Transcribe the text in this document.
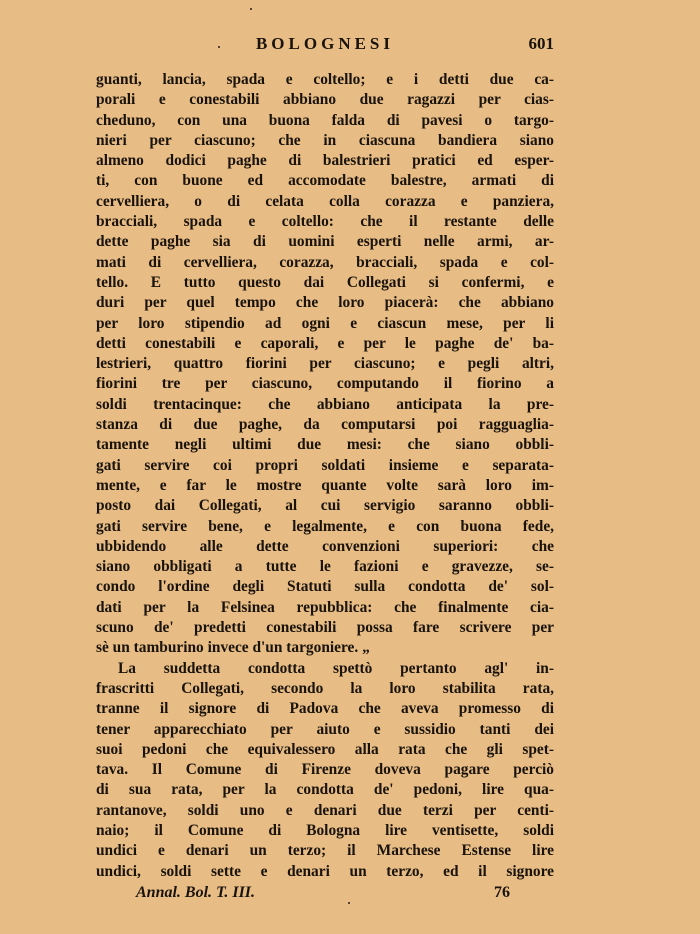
BOLOGNESI	601
guanti, lancia, spada e coltello; e i detti due ca-
porali e conestabili abbiano due ragazzi per cias-
cheduno, con una buona falda di pavesi o targo-
nieri per ciascuno; che in ciascuna bandiera siano
almeno dodici paghe di balestrieri pratici ed esper-
ti, con buone ed accomodate balestre, armati di
cervelliera, o di celata colla corazza e panziera,
bracciali, spada e coltello: che il restante delle
dette paghe sia di uomini esperti nelle armi, ar-
mati di cervelliera, corazza, bracciali, spada e col-
tello. E tutto questo dai Collegati si confermi, e
duri per quel tempo che loro piacerà: che abbiano
per loro stipendio ad ogni e ciascun mese, per li
detti conestabili e caporali, e per le paghe de' ba-
lestrieri, quattro fiorini per ciascuno; e pegli altri,
fiorini tre per ciascuno, computando il fiorino a
soldi trentacinque: che abbiano anticipata la pre-
stanza di due paghe, da computarsi poi ragguaglia-
tamente negli ultimi due mesi: che siano obbli-
gati servire coi propri soldati insieme e separata-
mente, e far le mostre quante volte sarà loro im-
posto dai Collegati, al cui servigio saranno obbli-
gati servire bene, e legalmente, e con buona fede,
ubbidendo alle dette convenzioni superiori: che
siano obbligati a tutte le fazioni e gravezze, se-
condo l'ordine degli Statuti sulla condotta de' sol-
dati per la Felsinea repubblica: che finalmente cia-
scuno de' predetti conestabili possa fare scrivere per
sè un tamburino invece d'un targoniere. „
La suddetta condotta spettò pertanto agl' in-
frascritti Collegati, secondo la loro stabilita rata,
tranne il signore di Padova che aveva promesso di
tener apparecchiato per aiuto e sussidio tanti dei
suoi pedoni che equivalessero alla rata che gli spet-
tava. Il Comune di Firenze doveva pagare perciò
di sua rata, per la condotta de' pedoni, lire qua-
rantanove, soldi uno e denari due terzi per centi-
naio; il Comune di Bologna lire ventisette, soldi
undici e denari un terzo; il Marchese Estense lire
undici, soldi sette e denari un terzo, ed il signore
Annal. Bol. T. III.	76
